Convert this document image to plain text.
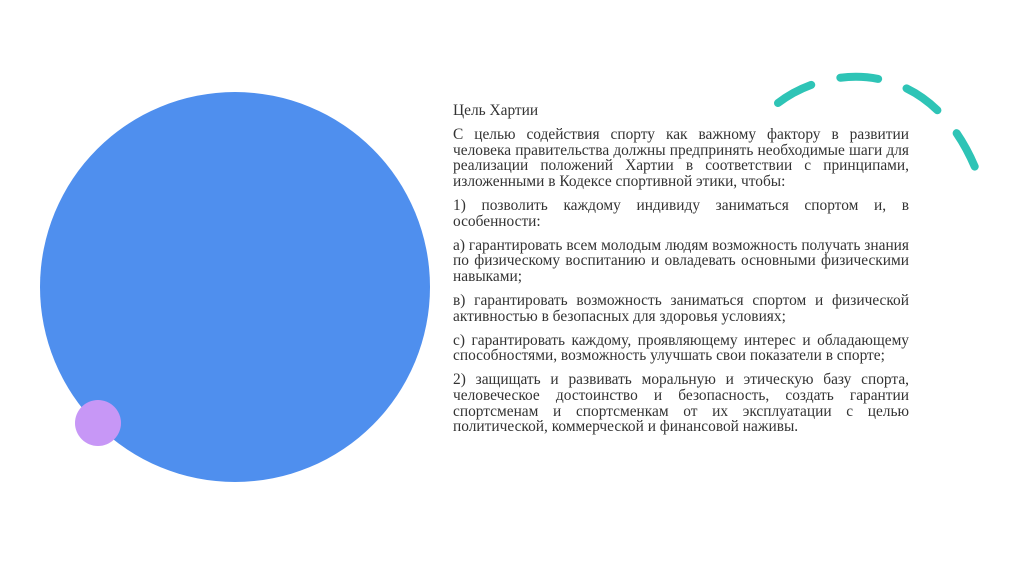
Цель Хартии

С целью содействия спорту как важному фактору в развитии человека правительства должны предпринять необходимые шаги для реализации положений Хартии в соответствии с принципами, изложенными в Кодексе спортивной этики, чтобы:

1) позволить каждому индивиду заниматься спортом и, в особенности:

а) гарантировать всем молодым людям возможность получать знания по физическому воспитанию и овладевать основными физическими навыками;

в) гарантировать возможность заниматься спортом и физической активностью в безопасных для здоровья условиях;

с) гарантировать каждому, проявляющему интерес и обладающему способностями, возможность улучшать свои показатели в спорте;

2) защищать и развивать моральную и этическую базу спорта, человеческое достоинство и безопасность, создать гарантии спортсменам и спортсменкам от их эксплуатации с целью политической, коммерческой и финансовой наживы.
